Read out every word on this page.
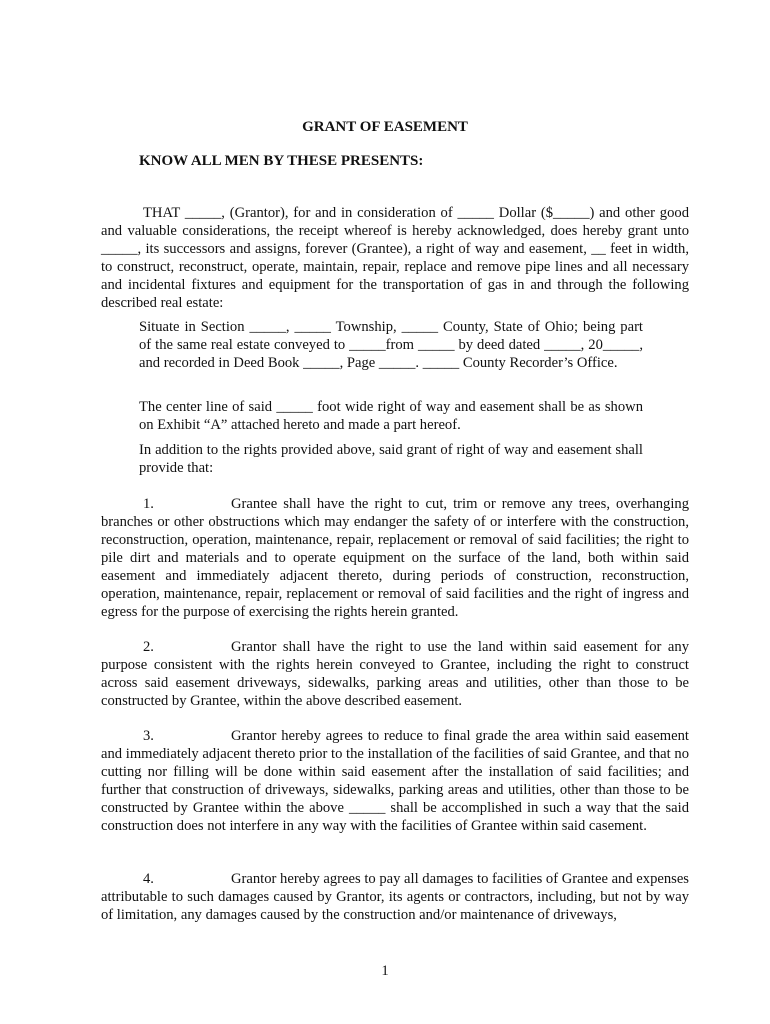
GRANT OF EASEMENT
KNOW ALL MEN BY THESE PRESENTS:
THAT _____, (Grantor), for and in consideration of _____ Dollar ($_____) and other good and valuable considerations, the receipt whereof is hereby acknowledged, does hereby grant unto _____, its successors and assigns, forever (Grantee), a right of way and easement, __ feet in width, to construct, reconstruct, operate, maintain, repair, replace and remove pipe lines and all necessary and incidental fixtures and equipment for the transportation of gas in and through the following described real estate:
Situate in Section _____, _____ Township, _____ County, State of Ohio; being part of the same real estate conveyed to _____from _____ by deed dated _____, 20_____, and recorded in Deed Book _____, Page _____. _____ County Recorder’s Office.
The center line of said _____ foot wide right of way and easement shall be as shown on Exhibit “A” attached hereto and made a part hereof.
In addition to the rights provided above, said grant of right of way and easement shall provide that:
1.	Grantee shall have the right to cut, trim or remove any trees, overhanging branches or other obstructions which may endanger the safety of or interfere with the construction, reconstruction, operation, maintenance, repair, replacement or removal of said facilities; the right to pile dirt and materials and to operate equipment on the surface of the land, both within said easement and immediately adjacent thereto, during periods of construction, reconstruction, operation, maintenance, repair, replacement or removal of said facilities and the right of ingress and egress for the purpose of exercising the rights herein granted.
2.	Grantor shall have the right to use the land within said easement for any purpose consistent with the rights herein conveyed to Grantee, including the right to construct across said easement driveways, sidewalks, parking areas and utilities, other than those to be constructed by Grantee, within the above described easement.
3.	Grantor hereby agrees to reduce to final grade the area within said easement and immediately adjacent thereto prior to the installation of the facilities of said Grantee, and that no cutting nor filling will be done within said easement after the installation of said facilities; and further that construction of driveways, sidewalks, parking areas and utilities, other than those to be constructed by Grantee within the above _____ shall be accomplished in such a way that the said construction does not interfere in any way with the facilities of Grantee within said casement.
4.	Grantor hereby agrees to pay all damages to facilities of Grantee and expenses attributable to such damages caused by Grantor, its agents or contractors, including, but not by way of limitation, any damages caused by the construction and/or maintenance of driveways,
1
